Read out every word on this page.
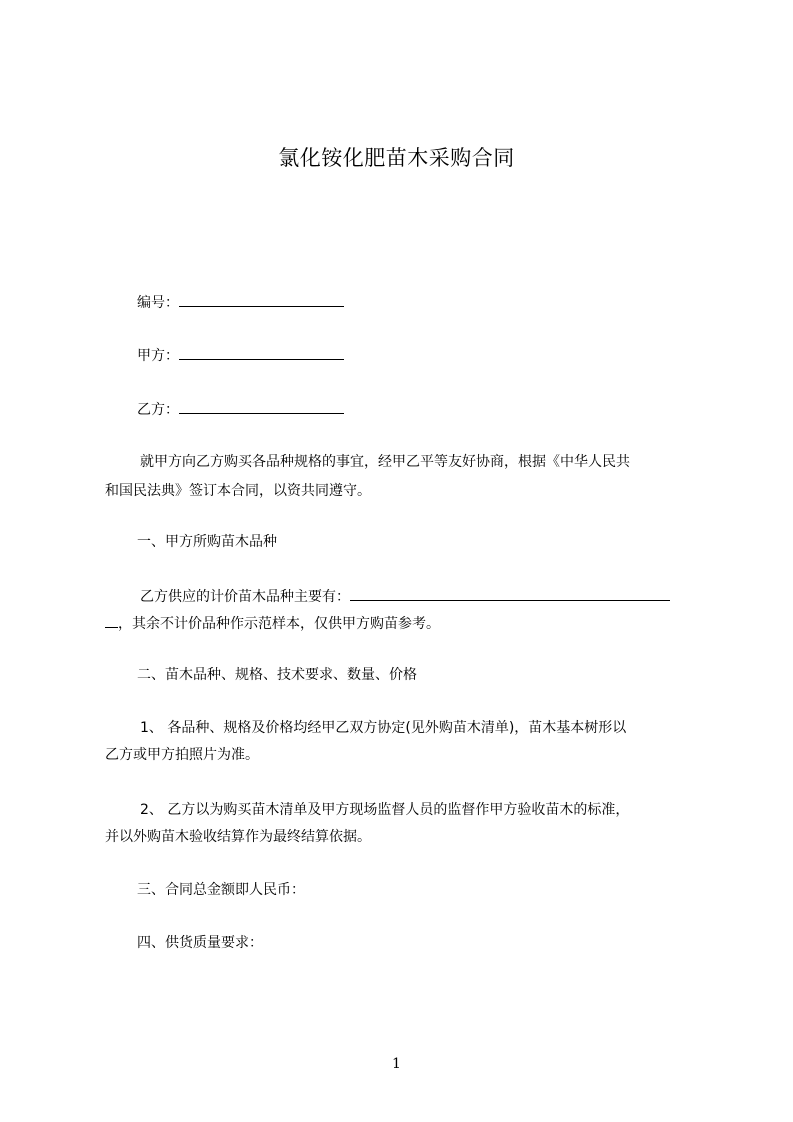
氯化铵化肥苗木采购合同
编号：
甲方：
乙方：
就甲方向乙方购买各品种规格的事宜，经甲乙平等友好协商，根据《中华人民共
和国民法典》签订本合同，以资共同遵守。
一、甲方所购苗木品种
乙方供应的计价苗木品种主要有：
，其余不计价品种作示范样本，仅供甲方购苗参考。
二、苗木品种、规格、技术要求、数量、价格
1、 各品种、规格及价格均经甲乙双方协定(见外购苗木清单)，苗木基本树形以
乙方或甲方拍照片为准。
2、 乙方以为购买苗木清单及甲方现场监督人员的监督作甲方验收苗木的标准，
并以外购苗木验收结算作为最终结算依据。
三、合同总金额即人民币：
四、供货质量要求：
1
